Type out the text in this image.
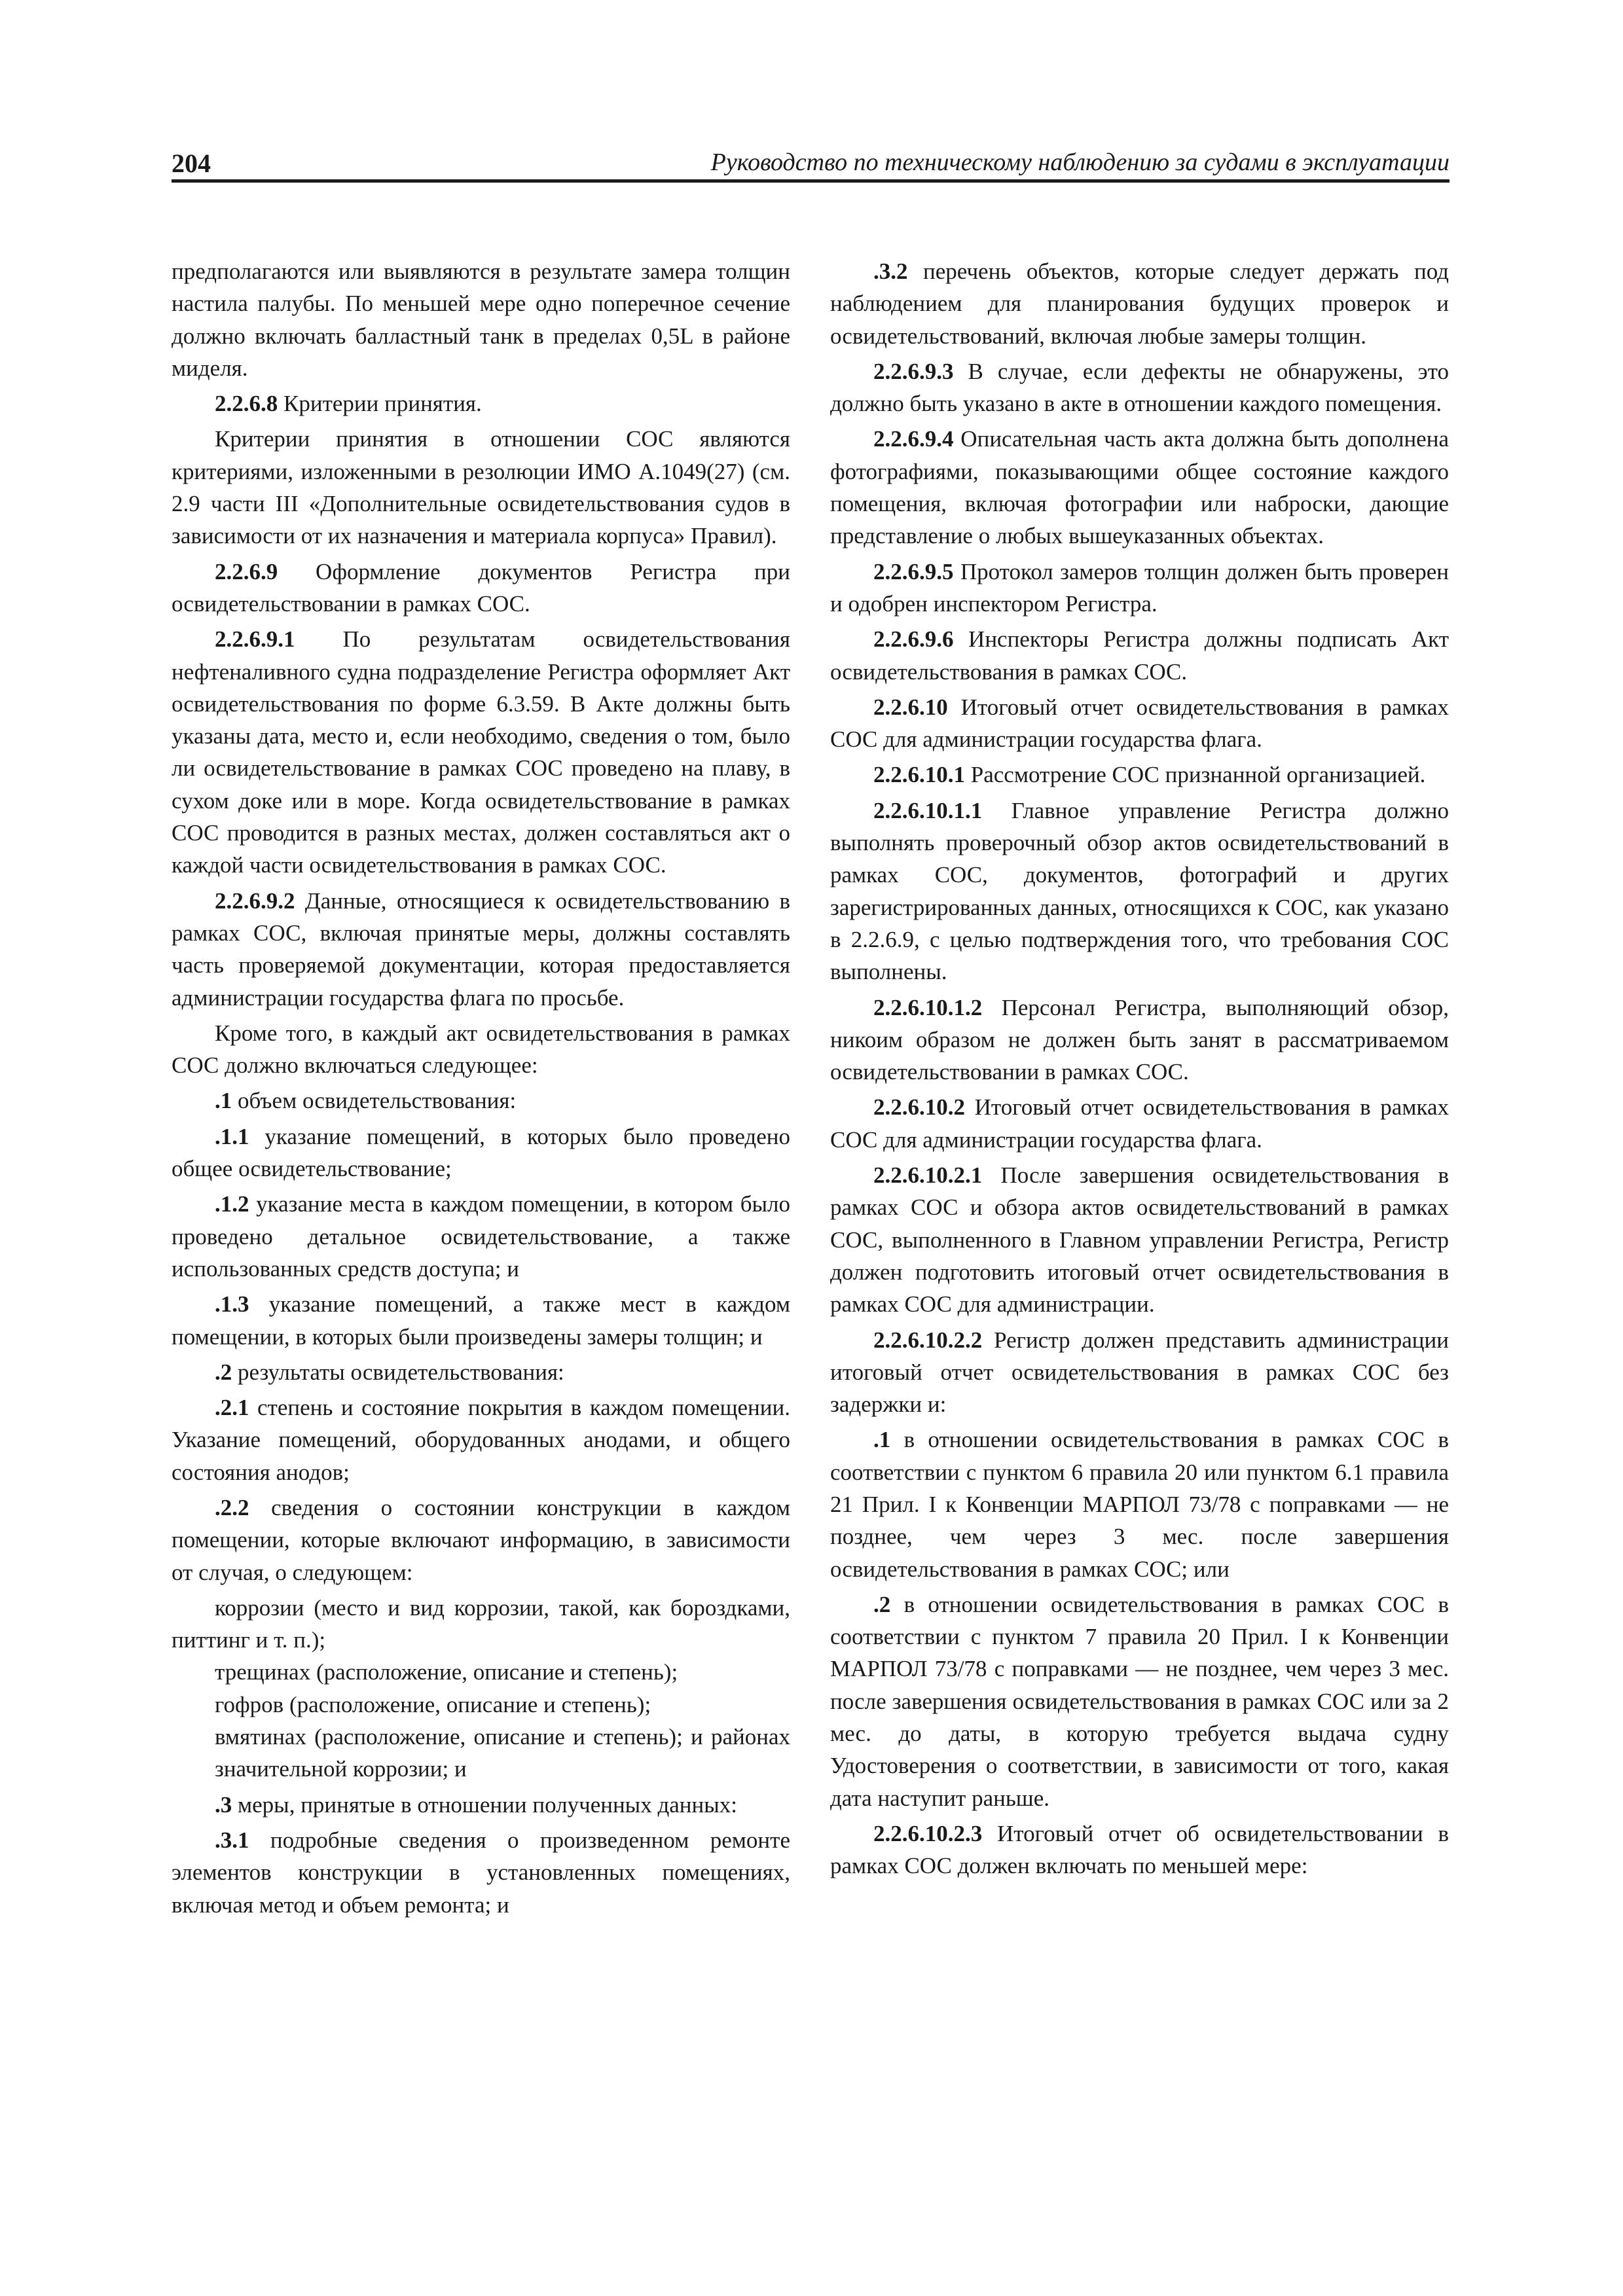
204	Руководство по техническому наблюдению за судами в эксплуатации

предполагаются или выявляются в результате замера толщин настила палубы. По меньшей мере одно поперечное сечение должно включать балластный танк в пределах 0,5L в районе миделя.

2.2.6.8 Критерии принятия.

Критерии принятия в отношении СОС являются критериями, изложенными в резолюции ИМО А.1049(27) (см. 2.9 части III «Дополнительные освидетельствования судов в зависимости от их назначения и материала корпуса» Правил).

2.2.6.9 Оформление документов Регистра при освидетельствовании в рамках СОС.

2.2.6.9.1 По результатам освидетельствования нефтеналивного судна подразделение Регистра оформляет Акт освидетельствования по форме 6.3.59. В Акте должны быть указаны дата, место и, если необходимо, сведения о том, было ли освидетельствование в рамках СОС проведено на плаву, в сухом доке или в море. Когда освидетельствование в рамках СОС проводится в разных местах, должен составляться акт о каждой части освидетельствования в рамках СОС.

2.2.6.9.2 Данные, относящиеся к освидетельствованию в рамках СОС, включая принятые меры, должны составлять часть проверяемой документации, которая предоставляется администрации государства флага по просьбе.

Кроме того, в каждый акт освидетельствования в рамках СОС должно включаться следующее:

.1 объем освидетельствования:

.1.1 указание помещений, в которых было проведено общее освидетельствование;

.1.2 указание места в каждом помещении, в котором было проведено детальное освидетельствование, а также использованных средств доступа; и

.1.3 указание помещений, а также мест в каждом помещении, в которых были произведены замеры толщин; и

.2 результаты освидетельствования:

.2.1 степень и состояние покрытия в каждом помещении. Указание помещений, оборудованных анодами, и общего состояния анодов;

.2.2 сведения о состоянии конструкции в каждом помещении, которые включают информацию, в зависимости от случая, о следующем:

коррозии (место и вид коррозии, такой, как бороздками, питтинг и т. п.);

трещинах (расположение, описание и степень);

гофров (расположение, описание и степень);

вмятинах (расположение, описание и степень); и районах значительной коррозии; и

.3 меры, принятые в отношении полученных данных:

.3.1 подробные сведения о произведенном ремонте элементов конструкции в установленных помещениях, включая метод и объем ремонта; и

.3.2 перечень объектов, которые следует держать под наблюдением для планирования будущих проверок и освидетельствований, включая любые замеры толщин.

2.2.6.9.3 В случае, если дефекты не обнаружены, это должно быть указано в акте в отношении каждого помещения.

2.2.6.9.4 Описательная часть акта должна быть дополнена фотографиями, показывающими общее состояние каждого помещения, включая фотографии или наброски, дающие представление о любых вышеуказанных объектах.

2.2.6.9.5 Протокол замеров толщин должен быть проверен и одобрен инспектором Регистра.

2.2.6.9.6 Инспекторы Регистра должны подписать Акт освидетельствования в рамках СОС.

2.2.6.10 Итоговый отчет освидетельствования в рамках СОС для администрации государства флага.

2.2.6.10.1 Рассмотрение СОС признанной организацией.

2.2.6.10.1.1 Главное управление Регистра должно выполнять проверочный обзор актов освидетельствований в рамках СОС, документов, фотографий и других зарегистрированных данных, относящихся к СОС, как указано в 2.2.6.9, с целью подтверждения того, что требования СОС выполнены.

2.2.6.10.1.2 Персонал Регистра, выполняющий обзор, никоим образом не должен быть занят в рассматриваемом освидетельствовании в рамках СОС.

2.2.6.10.2 Итоговый отчет освидетельствования в рамках СОС для администрации государства флага.

2.2.6.10.2.1 После завершения освидетельствования в рамках СОС и обзора актов освидетельствований в рамках СОС, выполненного в Главном управлении Регистра, Регистр должен подготовить итоговый отчет освидетельствования в рамках СОС для администрации.

2.2.6.10.2.2 Регистр должен представить администрации итоговый отчет освидетельствования в рамках СОС без задержки и:

.1 в отношении освидетельствования в рамках СОС в соответствии с пунктом 6 правила 20 или пунктом 6.1 правила 21 Прил. I к Конвенции МАРПОЛ 73/78 с поправками — не позднее, чем через 3 мес. после завершения освидетельствования в рамках СОС; или

.2 в отношении освидетельствования в рамках СОС в соответствии с пунктом 7 правила 20 Прил. I к Конвенции МАРПОЛ 73/78 с поправками — не позднее, чем через 3 мес. после завершения освидетельствования в рамках СОС или за 2 мес. до даты, в которую требуется выдача судну Удостоверения о соответствии, в зависимости от того, какая дата наступит раньше.

2.2.6.10.2.3 Итоговый отчет об освидетельствовании в рамках СОС должен включать по меньшей мере:
